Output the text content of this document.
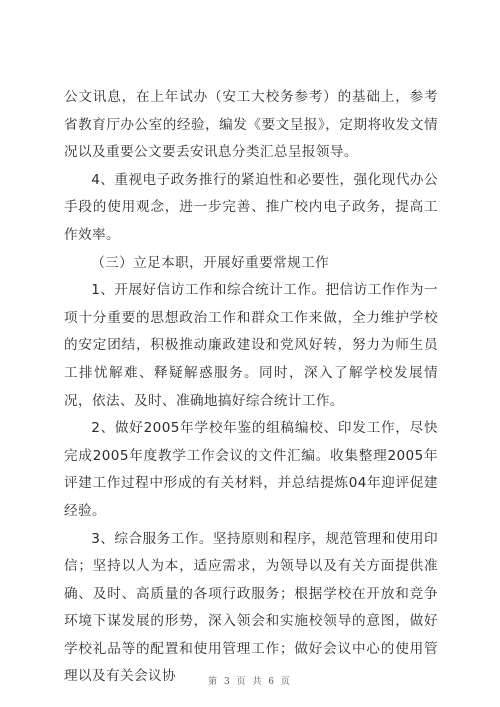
公文讯息，在上年试办（安工大校务参考）的基础上，参考省教育厅办公室的经验，编发《要文呈报》，定期将收发文情况以及重要公文要丢安讯息分类汇总呈报领导。

4、重视电子政务推行的紧迫性和必要性，强化现代办公手段的使用观念，进一步完善、推广校内电子政务，提高工作效率。

（三）立足本职，开展好重要常规工作

1、开展好信访工作和综合统计工作。把信访工作作为一项十分重要的思想政治工作和群众工作来做，全力维护学校的安定团结，积极推动廉政建设和党风好转，努力为师生员工排忧解难、释疑解惑服务。同时，深入了解学校发展情况，依法、及时、准确地搞好综合统计工作。

2、做好2005年学校年鉴的组稿编校、印发工作，尽快完成2005年度教学工作会议的文件汇编。收集整理2005年评建工作过程中形成的有关材料，并总结提炼04年迎评促建经验。

3、综合服务工作。坚持原则和程序，规范管理和使用印信；坚持以人为本，适应需求，为领导以及有关方面提供准确、及时、高质量的各项行政服务；根据学校在开放和竞争环境下谋发展的形势，深入领会和实施校领导的意图，做好学校礼品等的配置和使用管理工作；做好会议中心的使用管理以及有关会议协	第 3 页 共 6 页
